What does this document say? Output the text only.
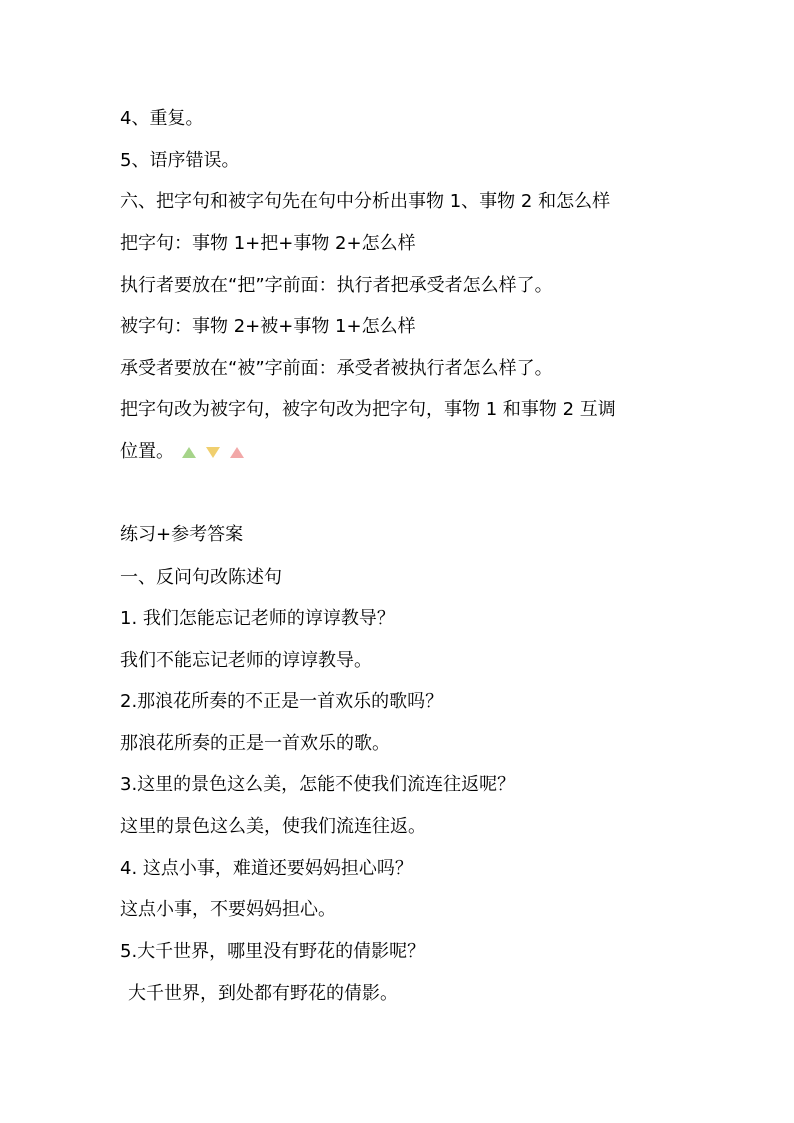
4、重复。
5、语序错误。
六、把字句和被字句先在句中分析出事物 1、事物 2 和怎么样
把字句：事物 1+把+事物 2+怎么样
执行者要放在“把”字前面：执行者把承受者怎么样了。
被字句：事物 2+被+事物 1+怎么样
承受者要放在“被”字前面：承受者被执行者怎么样了。
把字句改为被字句，被字句改为把字句，事物 1 和事物 2 互调
位置。
练习+参考答案
一、反问句改陈述句
1. 我们怎能忘记老师的谆谆教导？
我们不能忘记老师的谆谆教导。
2.那浪花所奏的不正是一首欢乐的歌吗？
那浪花所奏的正是一首欢乐的歌。
3.这里的景色这么美，怎能不使我们流连往返呢？
这里的景色这么美，使我们流连往返。
4. 这点小事，难道还要妈妈担心吗？
这点小事，不要妈妈担心。
5.大千世界，哪里没有野花的倩影呢？
大千世界，到处都有野花的倩影。
